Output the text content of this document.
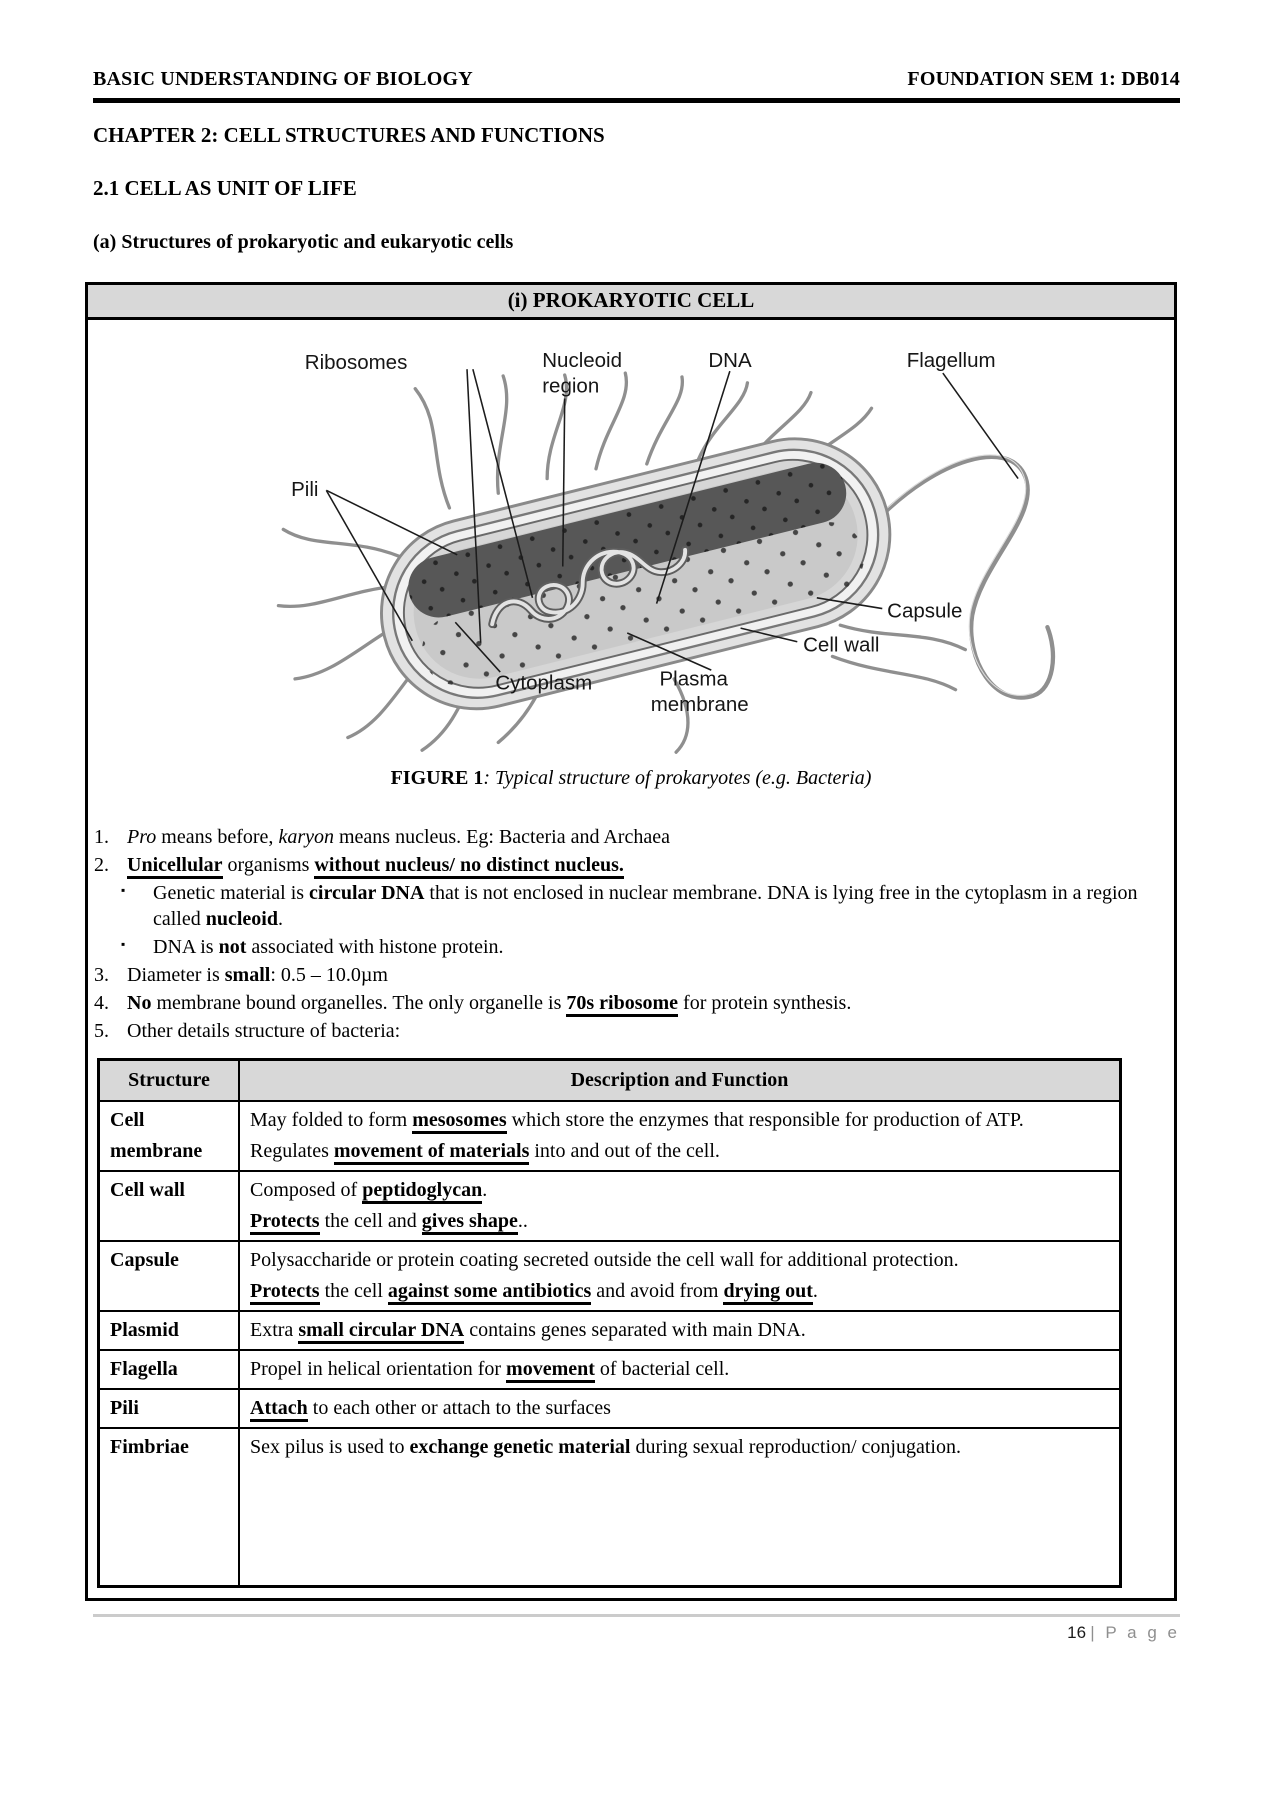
BASIC UNDERSTANDING OF BIOLOGY	FOUNDATION SEM 1: DB014
CHAPTER 2: CELL STRUCTURES AND FUNCTIONS
2.1 CELL AS UNIT OF LIFE
(a) Structures of prokaryotic and eukaryotic cells
(i) PROKARYOTIC CELL
Ribosomes	Nucleoid
region
DNA	Flagellum
Pili
Capsule
Cell wall
Cytoplasm	Plasma
membrane
FIGURE 1: Typical structure of prokaryotes (e.g. Bacteria)
1. Pro means before, karyon means nucleus. Eg: Bacteria and Archaea
2. Unicellular organisms without nucleus/ no distinct nucleus.
▪	Genetic material is circular DNA that is not enclosed in nuclear membrane. DNA is lying free in the cytoplasm in a region called nucleoid.
▪	DNA is not associated with histone protein.
3. Diameter is small: 0.5 – 10.0µm
4. No membrane bound organelles. The only organelle is 70s ribosome for protein synthesis.
5. Other details structure of bacteria:
Structure	Description and Function
Cell membrane	May folded to form mesosomes which store the enzymes that responsible for production of ATP.
Regulates movement of materials into and out of the cell.

Cell wall	Composed of peptidoglycan.
Protects the cell and gives shape..

Capsule	Polysaccharide or protein coating secreted outside the cell wall for additional protection.
Protects the cell against some antibiotics and avoid from drying out.

Plasmid	Extra small circular DNA contains genes separated with main DNA.

Flagella	Propel in helical orientation for movement of bacterial cell.

Pili	Attach to each other or attach to the surfaces

Fimbriae	Sex pilus is used to exchange genetic material during sexual reproduction/ conjugation.
16 | P a g e
